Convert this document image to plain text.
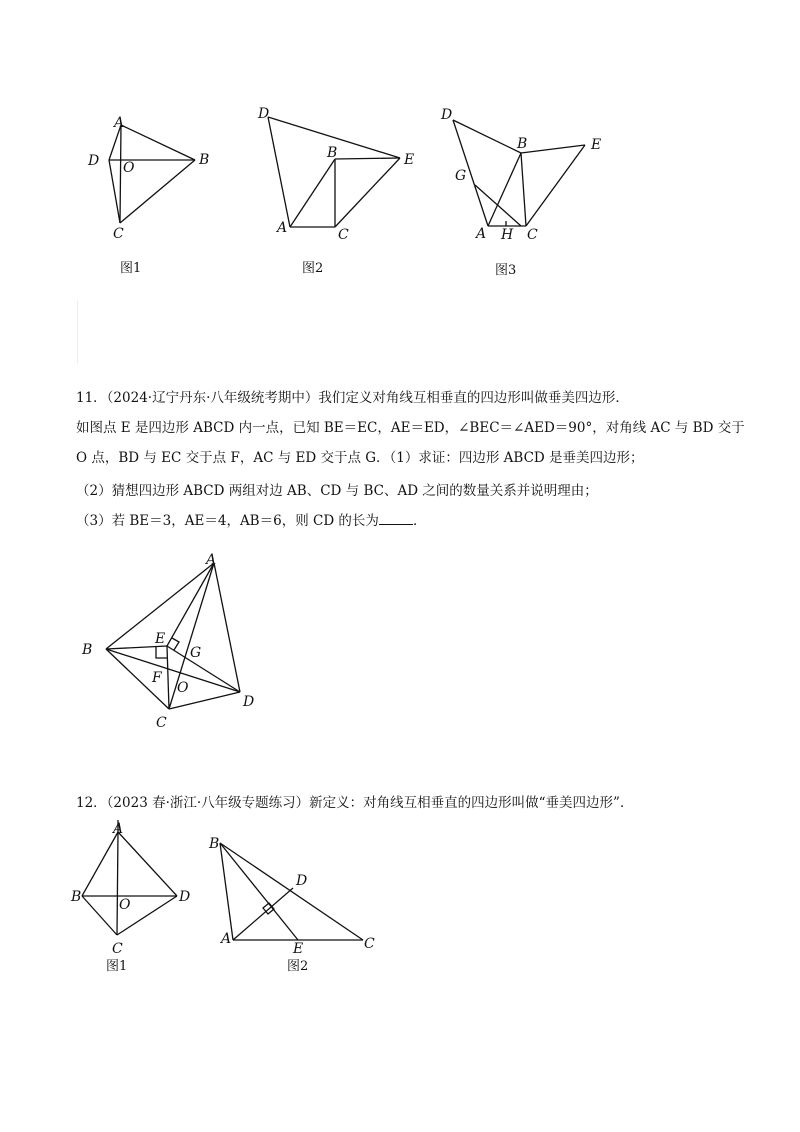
A
D	B
O
C
图1
D
B	E
A	C
图2
D
B	E
G
A H C
图3
11．（2024·辽宁丹东·八年级统考期中）我们定义对角线互相垂直的四边形叫做垂美四边形．
如图点 E 是四边形 ABCD 内一点，已知 BE＝EC，AE＝ED，∠BEC＝∠AED＝90°，对角线 AC 与 BD 交于
O 点，BD 与 EC 交于点 F，AC 与 ED 交于点 G．（1）求证：四边形 ABCD 是垂美四边形；
（2）猜想四边形 ABCD 两组对边 AB、CD 与 BC、AD 之间的数量关系并说明理由；
（3）若 BE＝3，AE＝4，AB＝6，则 CD 的长为	．
A
B
E
G
F
O
D
C
12．（2023 春·浙江·八年级专题练习）新定义：对角线互相垂直的四边形叫做“垂美四边形”．
A
B	D
O
C
图1
B
D
A
E	C
图2
